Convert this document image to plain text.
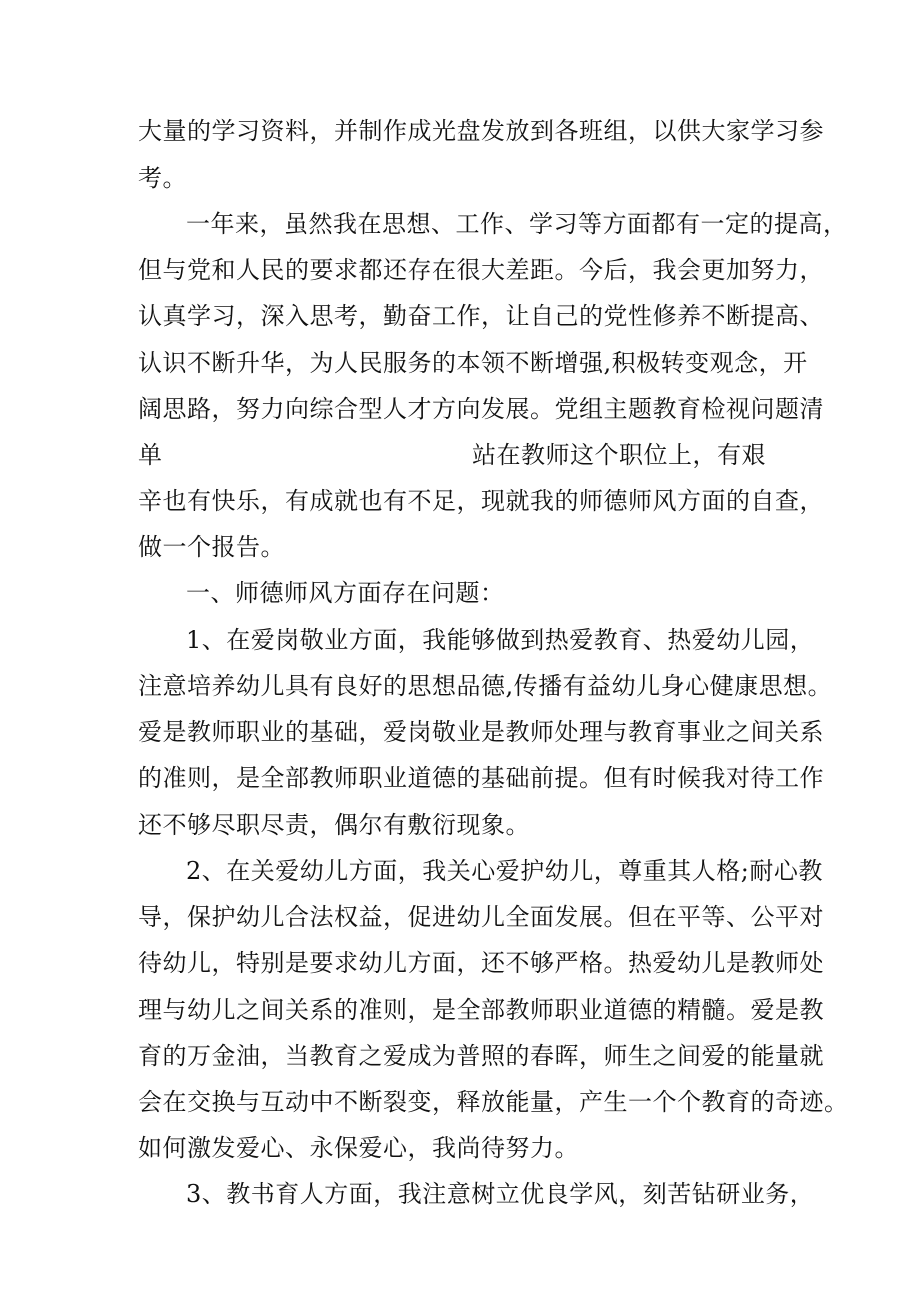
大量的学习资料，并制作成光盘发放到各班组，以供大家学习参
考。
一年来，虽然我在思想、工作、学习等方面都有一定的提高，
但与党和人民的要求都还存在很大差距。今后，我会更加努力，
认真学习，深入思考，勤奋工作，让自己的党性修养不断提高、
认识不断升华，为人民服务的本领不断增强,积极转变观念，开
阔思路，努力向综合型人才方向发展。党组主题教育检视问题清
单	站在教师这个职位上，有艰
辛也有快乐，有成就也有不足，现就我的师德师风方面的自查，
做一个报告。
一、师德师风方面存在问题：
1、在爱岗敬业方面，我能够做到热爱教育、热爱幼儿园，
注意培养幼儿具有良好的思想品德,传播有益幼儿身心健康思想。
爱是教师职业的基础，爱岗敬业是教师处理与教育事业之间关系
的准则，是全部教师职业道德的基础前提。但有时候我对待工作
还不够尽职尽责，偶尔有敷衍现象。
2、在关爱幼儿方面，我关心爱护幼儿，尊重其人格;耐心教
导，保护幼儿合法权益，促进幼儿全面发展。但在平等、公平对
待幼儿，特别是要求幼儿方面，还不够严格。热爱幼儿是教师处
理与幼儿之间关系的准则，是全部教师职业道德的精髓。爱是教
育的万金油，当教育之爱成为普照的春晖，师生之间爱的能量就
会在交换与互动中不断裂变，释放能量，产生一个个教育的奇迹。
如何激发爱心、永保爱心，我尚待努力。
3、教书育人方面，我注意树立优良学风，刻苦钻研业务，
